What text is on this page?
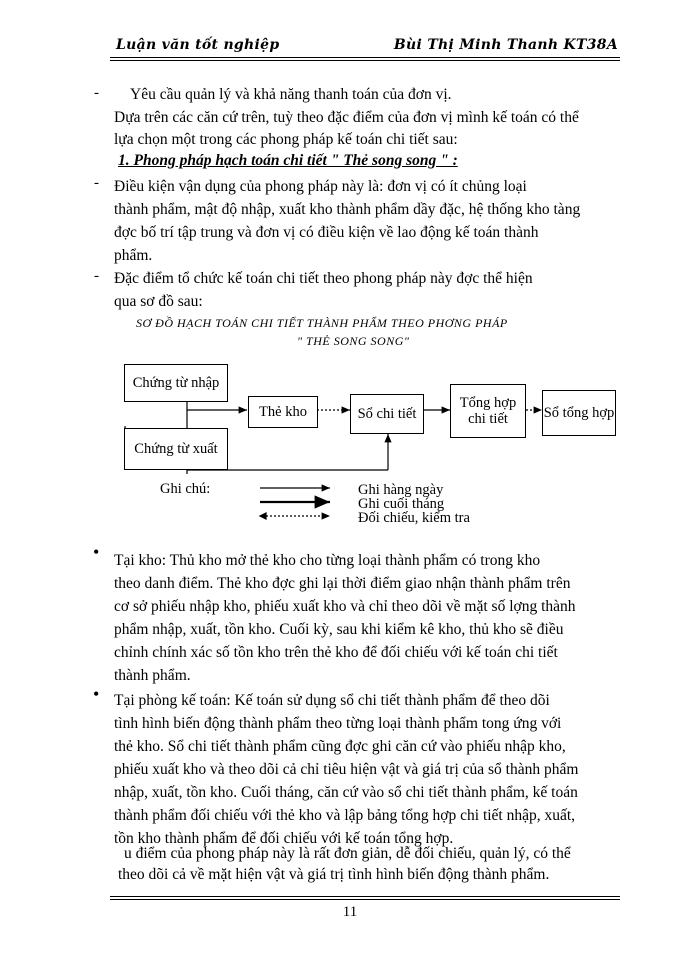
Luận văn tốt nghiệp	Bùi Thị Minh Thanh KT38A
- Yêu cầu quản lý và khả năng thanh toán của đơn vị.
Dựa trên các căn cứ trên, tuỳ theo đặc điểm của đơn vị mình kế toán có thể
lựa chọn một trong các phong pháp kế toán chi tiết sau:
1. Phong pháp hạch toán chi tiết " Thẻ song song " :
- Điều kiện vận dụng của phong pháp này là: đơn vị có ít chủng loại
thành phẩm, mật độ nhập, xuất kho thành phẩm dầy đặc, hệ thống kho tàng
đợc bố trí tập trung và đơn vị có điều kiện về lao động kế toán thành
phẩm.
- Đặc điểm tổ chức kế toán chi tiết theo phong pháp này đợc thể hiện
qua sơ đồ sau:
SƠ ĐỒ HẠCH TOÁN CHI TIẾT THÀNH PHẨM THEO PHƠNG PHÁP
" THẺ SONG SONG"
Chứng từ nhập
Chứng từ xuất
Thẻ kho	Sổ chi tiết
Tổng hợp chi tiết	Sổ tổng hợp
Ghi chú:	Ghi hàng ngày
Ghi cuối tháng
Đối chiếu, kiểm tra
• Tại kho: Thủ kho mở thẻ kho cho từng loại thành phẩm có trong kho
theo danh điểm. Thẻ kho đợc ghi lại thời điểm giao nhận thành phẩm trên
cơ sở phiếu nhập kho, phiếu xuất kho và chỉ theo dõi về mặt số lợng thành
phẩm nhập, xuất, tồn kho. Cuối kỳ, sau khi kiểm kê kho, thủ kho sẽ điều
chỉnh chính xác số tồn kho trên thẻ kho để đối chiếu với kế toán chi tiết
thành phẩm.
• Tại phòng kế toán: Kế toán sử dụng sổ chi tiết thành phẩm để theo dõi
tình hình biến động thành phẩm theo từng loại thành phẩm tong ứng với
thẻ kho. Sổ chi tiết thành phẩm cũng đợc ghi căn cứ vào phiếu nhập kho,
phiếu xuất kho và theo dõi cả chỉ tiêu hiện vật và giá trị của sổ thành phẩm
nhập, xuất, tồn kho. Cuối tháng, căn cứ vào sổ chi tiết thành phẩm, kế toán
thành phẩm đối chiếu với thẻ kho và lập bảng tổng hợp chi tiết nhập, xuất,
tồn kho thành phẩm để đối chiếu với kế toán tổng hợp.
u điểm của phong pháp này là rất đơn giản, dễ đối chiếu, quản lý, có thể
theo dõi cả về mặt hiện vật và giá trị tình hình biến động thành phẩm.
11
